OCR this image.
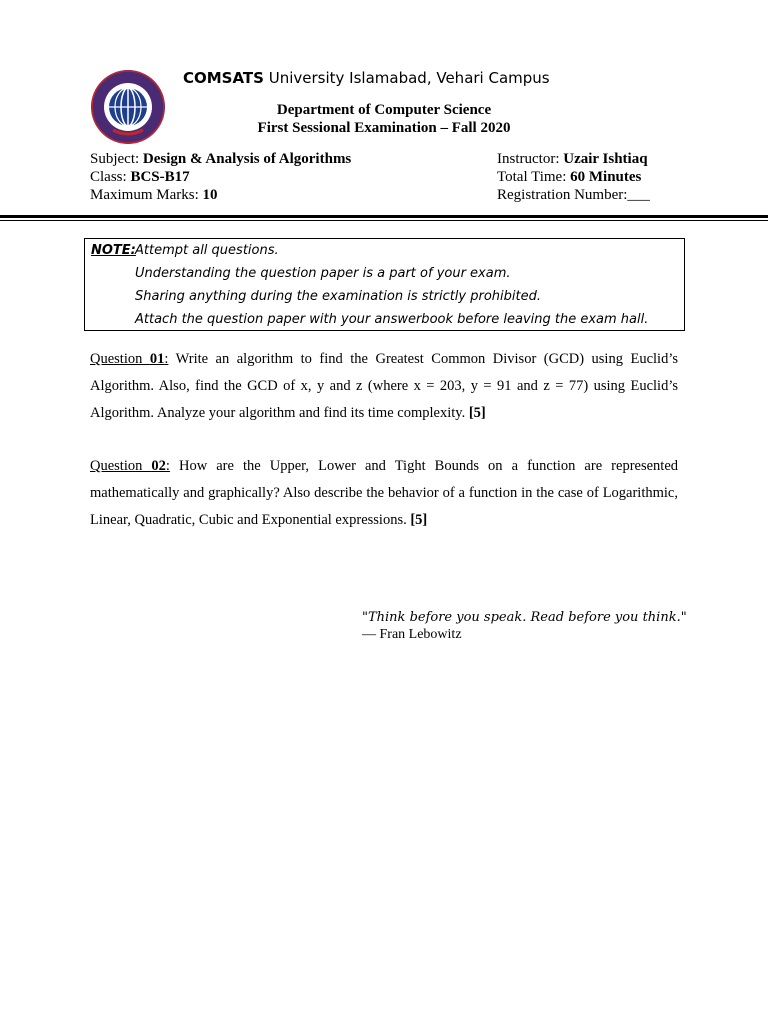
COMSATS University Islamabad, Vehari Campus
Department of Computer Science
First Sessional Examination – Fall 2020
Subject: Design & Analysis of Algorithms
Class: BCS-B17
Maximum Marks: 10
Instructor: Uzair Ishtiaq
Total Time: 60 Minutes
Registration Number:___
NOTE: Attempt all questions.
Understanding the question paper is a part of your exam.
Sharing anything during the examination is strictly prohibited.
Attach the question paper with your answerbook before leaving the exam hall.
Question 01: Write an algorithm to find the Greatest Common Divisor (GCD) using Euclid’s Algorithm. Also, find the GCD of x, y and z (where x = 203, y = 91 and z = 77) using Euclid’s Algorithm. Analyze your algorithm and find its time complexity. [5]
Question 02: How are the Upper, Lower and Tight Bounds on a function are represented mathematically and graphically? Also describe the behavior of a function in the case of Logarithmic, Linear, Quadratic, Cubic and Exponential expressions. [5]
"Think before you speak. Read before you think."
— Fran Lebowitz
